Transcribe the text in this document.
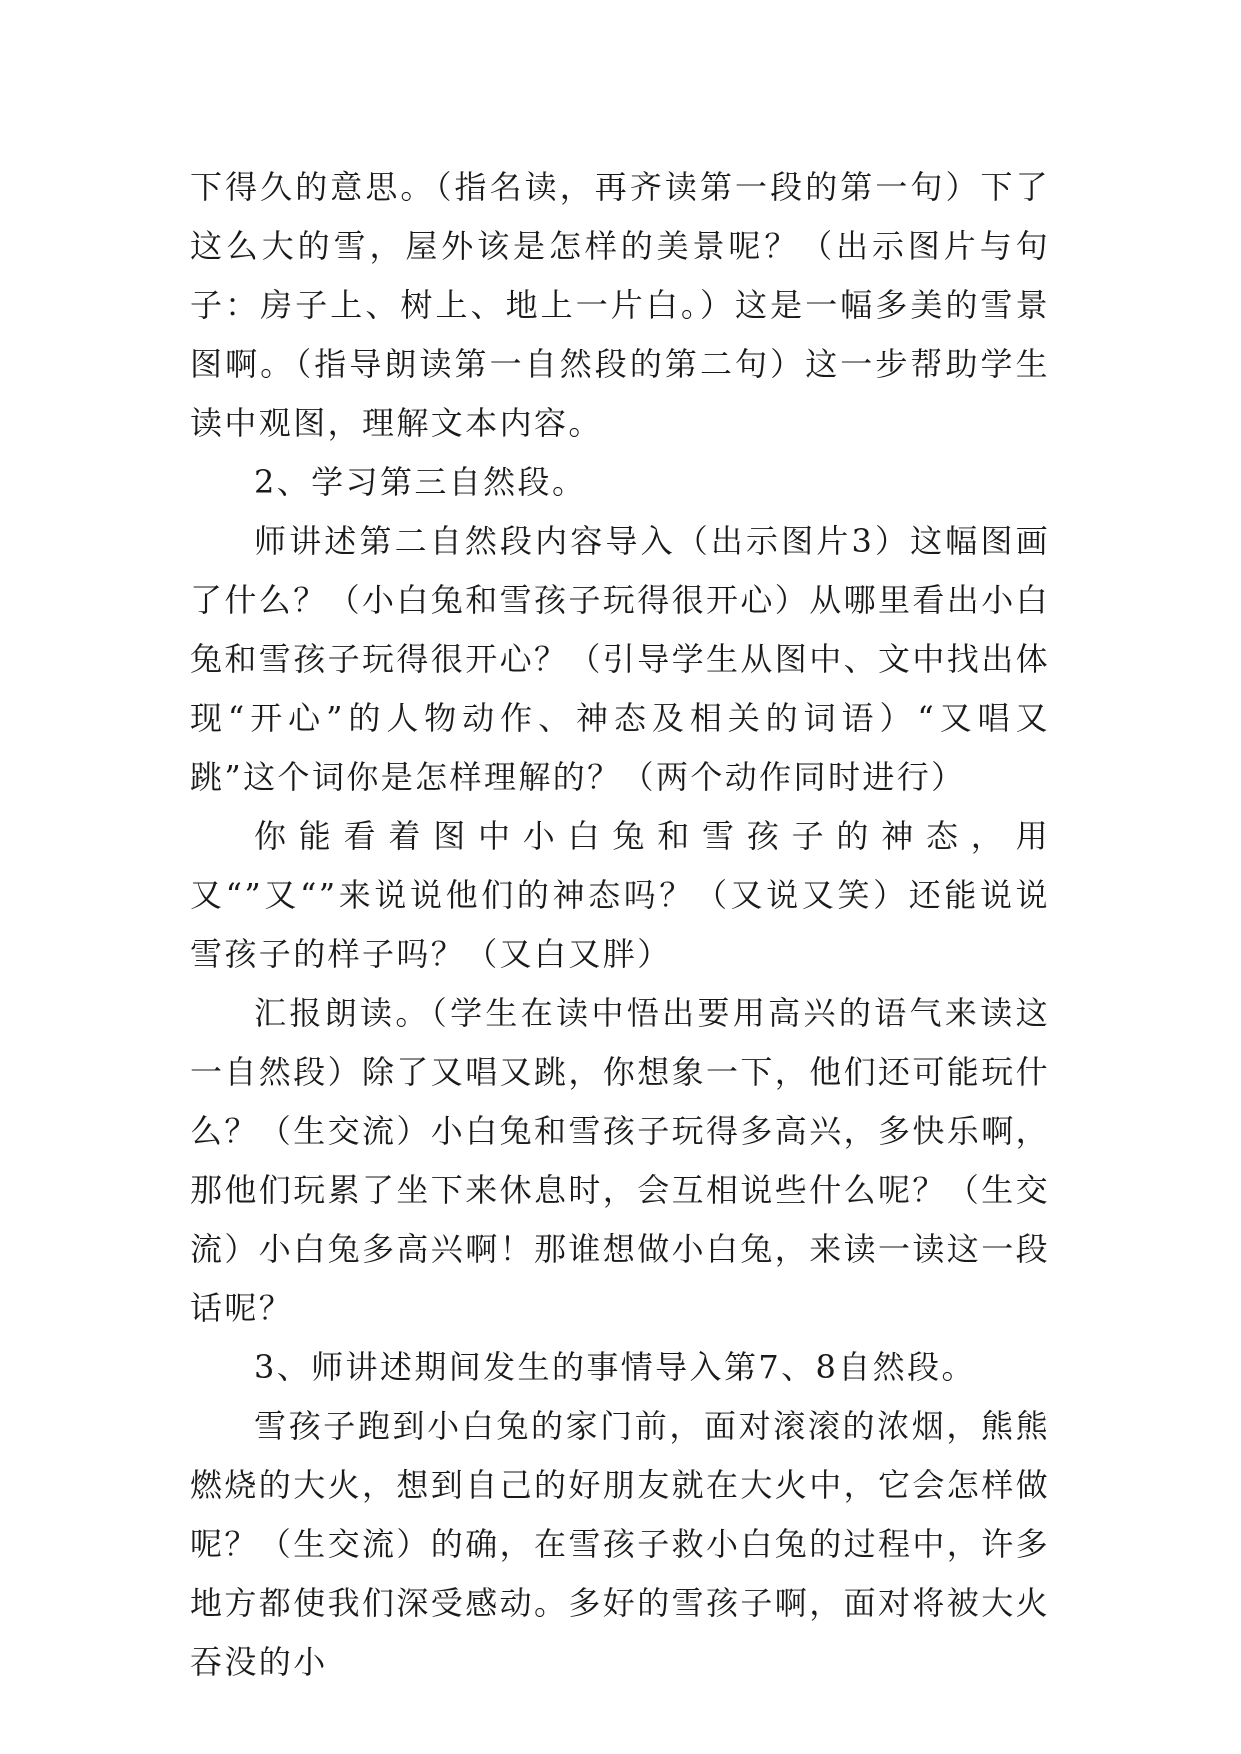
下得久的意思。（指名读，再齐读第一段的第一句）下了这么大的雪，屋外该是怎样的美景呢？（出示图片与句子：房子上、树上、地上一片白。）这是一幅多美的雪景图啊。（指导朗读第一自然段的第二句）这一步帮助学生读中观图，理解文本内容。

2、学习第三自然段。

师讲述第二自然段内容导入（出示图片3）这幅图画了什么？（小白兔和雪孩子玩得很开心）从哪里看出小白兔和雪孩子玩得很开心？（引导学生从图中、文中找出体现“开心”的人物动作、神态及相关的词语）“又唱又跳”这个词你是怎样理解的？（两个动作同时进行）

你能看着图中小白兔和雪孩子的神态，用又“”又“”来说说他们的神态吗？（又说又笑）还能说说雪孩子的样子吗？（又白又胖）

汇报朗读。（学生在读中悟出要用高兴的语气来读这一自然段）除了又唱又跳，你想象一下，他们还可能玩什么？（生交流）小白兔和雪孩子玩得多高兴，多快乐啊，那他们玩累了坐下来休息时，会互相说些什么呢？（生交流）小白兔多高兴啊！那谁想做小白兔，来读一读这一段话呢？

3、师讲述期间发生的事情导入第7、8自然段。

雪孩子跑到小白兔的家门前，面对滚滚的浓烟，熊熊燃烧的大火，想到自己的好朋友就在大火中，它会怎样做呢？（生交流）的确，在雪孩子救小白兔的过程中，许多地方都使我们深受感动。多好的雪孩子啊，面对将被大火吞没的小
